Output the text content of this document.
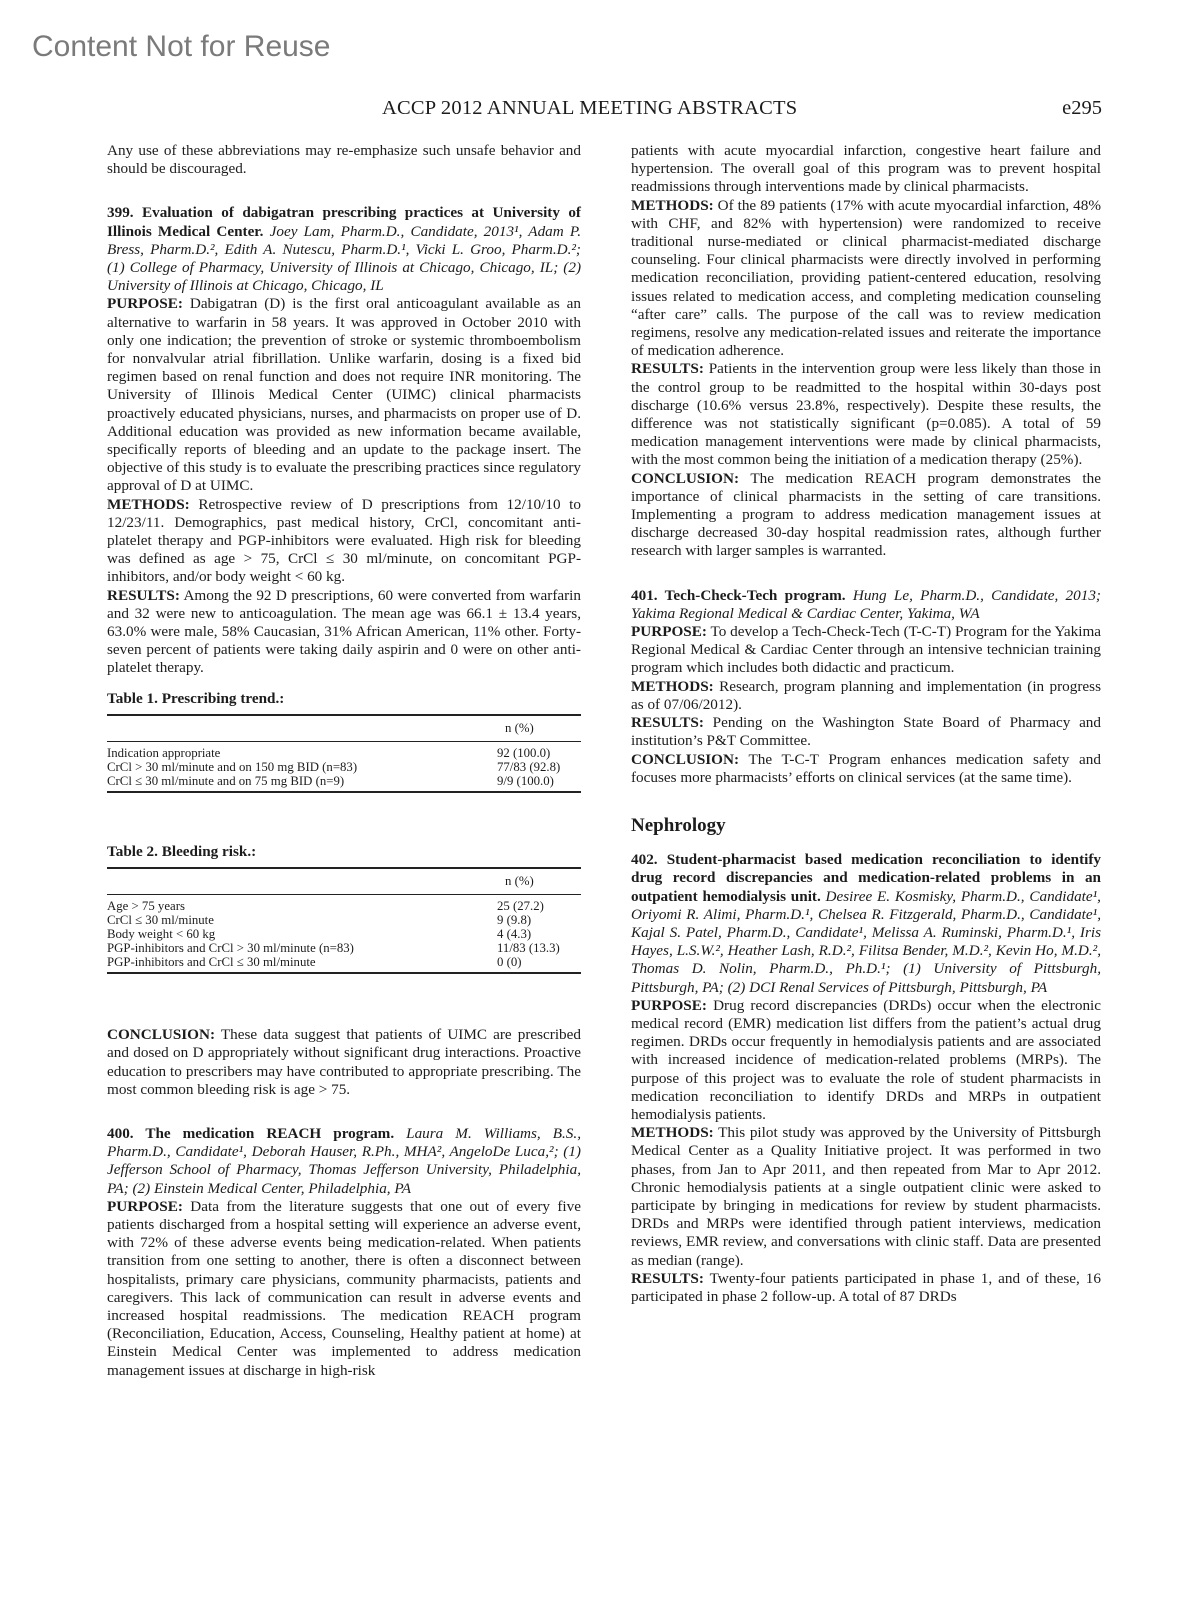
Content Not for Reuse
ACCP 2012 ANNUAL MEETING ABSTRACTS	e295

Any use of these abbreviations may re-emphasize such unsafe behavior and should be discouraged.

399. Evaluation of dabigatran prescribing practices at University of Illinois Medical Center. Joey Lam, Pharm.D., Candidate, 2013¹, Adam P. Bress, Pharm.D.², Edith A. Nutescu, Pharm.D.¹, Vicki L. Groo, Pharm.D.²; (1) College of Pharmacy, University of Illinois at Chicago, Chicago, IL; (2) University of Illinois at Chicago, Chicago, IL

PURPOSE: Dabigatran (D) is the first oral anticoagulant available as an alternative to warfarin in 58 years. It was approved in October 2010 with only one indication; the prevention of stroke or systemic thromboembolism for nonvalvular atrial fibrillation. Unlike warfarin, dosing is a fixed bid regimen based on renal function and does not require INR monitoring. The University of Illinois Medical Center (UIMC) clinical pharmacists proactively educated physicians, nurses, and pharmacists on proper use of D. Additional education was provided as new information became available, specifically reports of bleeding and an update to the package insert. The objective of this study is to evaluate the prescribing practices since regulatory approval of D at UIMC.

METHODS: Retrospective review of D prescriptions from 12/10/10 to 12/23/11. Demographics, past medical history, CrCl, concomitant anti-platelet therapy and PGP-inhibitors were evaluated. High risk for bleeding was defined as age > 75, CrCl ≤ 30 ml/minute, on concomitant PGP-inhibitors, and/or body weight < 60 kg.

RESULTS: Among the 92 D prescriptions, 60 were converted from warfarin and 32 were new to anticoagulation. The mean age was 66.1 ± 13.4 years, 63.0% were male, 58% Caucasian, 31% African American, 11% other. Forty-seven percent of patients were taking daily aspirin and 0 were on other anti-platelet therapy.

Table 1. Prescribing trend.:
	n (%)
Indication appropriate	92 (100.0)
CrCl > 30 ml/minute and on 150 mg BID (n=83)	77/83 (92.8)
CrCl ≤ 30 ml/minute and on 75 mg BID (n=9)	9/9 (100.0)
Table 2. Bleeding risk.:
	n (%)
Age > 75 years	25 (27.2)
CrCl ≤ 30 ml/minute	9 (9.8)
Body weight < 60 kg	4 (4.3)
PGP-inhibitors and CrCl > 30 ml/minute (n=83)	11/83 (13.3)
PGP-inhibitors and CrCl ≤ 30 ml/minute	0 (0)

CONCLUSION: These data suggest that patients of UIMC are prescribed and dosed on D appropriately without significant drug interactions. Proactive education to prescribers may have contributed to appropriate prescribing. The most common bleeding risk is age > 75.

400. The medication REACH program. Laura M. Williams, B.S., Pharm.D., Candidate¹, Deborah Hauser, R.Ph., MHA², AngeloDe Luca,²; (1) Jefferson School of Pharmacy, Thomas Jefferson University, Philadelphia, PA; (2) Einstein Medical Center, Philadelphia, PA

PURPOSE: Data from the literature suggests that one out of every five patients discharged from a hospital setting will experience an adverse event, with 72% of these adverse events being medication-related. When patients transition from one setting to another, there is often a disconnect between hospitalists, primary care physicians, community pharmacists, patients and caregivers. This lack of communication can result in adverse events and increased hospital readmissions. The medication REACH program (Reconciliation, Education, Access, Counseling, Healthy patient at home) at Einstein Medical Center was implemented to address medication management issues at discharge in high-risk

patients with acute myocardial infarction, congestive heart failure and hypertension. The overall goal of this program was to prevent hospital readmissions through interventions made by clinical pharmacists.

METHODS: Of the 89 patients (17% with acute myocardial infarction, 48% with CHF, and 82% with hypertension) were randomized to receive traditional nurse-mediated or clinical pharmacist-mediated discharge counseling. Four clinical pharmacists were directly involved in performing medication reconciliation, providing patient-centered education, resolving issues related to medication access, and completing medication counseling “after care” calls. The purpose of the call was to review medication regimens, resolve any medication-related issues and reiterate the importance of medication adherence.

RESULTS: Patients in the intervention group were less likely than those in the control group to be readmitted to the hospital within 30-days post discharge (10.6% versus 23.8%, respectively). Despite these results, the difference was not statistically significant (p=0.085). A total of 59 medication management interventions were made by clinical pharmacists, with the most common being the initiation of a medication therapy (25%).

CONCLUSION: The medication REACH program demonstrates the importance of clinical pharmacists in the setting of care transitions. Implementing a program to address medication management issues at discharge decreased 30-day hospital readmission rates, although further research with larger samples is warranted.

401. Tech-Check-Tech program. Hung Le, Pharm.D., Candidate, 2013; Yakima Regional Medical & Cardiac Center, Yakima, WA

PURPOSE: To develop a Tech-Check-Tech (T-C-T) Program for the Yakima Regional Medical & Cardiac Center through an intensive technician training program which includes both didactic and practicum.

METHODS: Research, program planning and implementation (in progress as of 07/06/2012).

RESULTS: Pending on the Washington State Board of Pharmacy and institution’s P&T Committee.

CONCLUSION: The T-C-T Program enhances medication safety and focuses more pharmacists’ efforts on clinical services (at the same time).

Nephrology

402. Student-pharmacist based medication reconciliation to identify drug record discrepancies and medication-related problems in an outpatient hemodialysis unit. Desiree E. Kosmisky, Pharm.D., Candidate¹, Oriyomi R. Alimi, Pharm.D.¹, Chelsea R. Fitzgerald, Pharm.D., Candidate¹, Kajal S. Patel, Pharm.D., Candidate¹, Melissa A. Ruminski, Pharm.D.¹, Iris Hayes, L.S.W.², Heather Lash, R.D.², Filitsa Bender, M.D.², Kevin Ho, M.D.², Thomas D. Nolin, Pharm.D., Ph.D.¹; (1) University of Pittsburgh, Pittsburgh, PA; (2) DCI Renal Services of Pittsburgh, Pittsburgh, PA

PURPOSE: Drug record discrepancies (DRDs) occur when the electronic medical record (EMR) medication list differs from the patient’s actual drug regimen. DRDs occur frequently in hemodialysis patients and are associated with increased incidence of medication-related problems (MRPs). The purpose of this project was to evaluate the role of student pharmacists in medication reconciliation to identify DRDs and MRPs in outpatient hemodialysis patients.

METHODS: This pilot study was approved by the University of Pittsburgh Medical Center as a Quality Initiative project. It was performed in two phases, from Jan to Apr 2011, and then repeated from Mar to Apr 2012. Chronic hemodialysis patients at a single outpatient clinic were asked to participate by bringing in medications for review by student pharmacists. DRDs and MRPs were identified through patient interviews, medication reviews, EMR review, and conversations with clinic staff. Data are presented as median (range).

RESULTS: Twenty-four patients participated in phase 1, and of these, 16 participated in phase 2 follow-up. A total of 87 DRDs
